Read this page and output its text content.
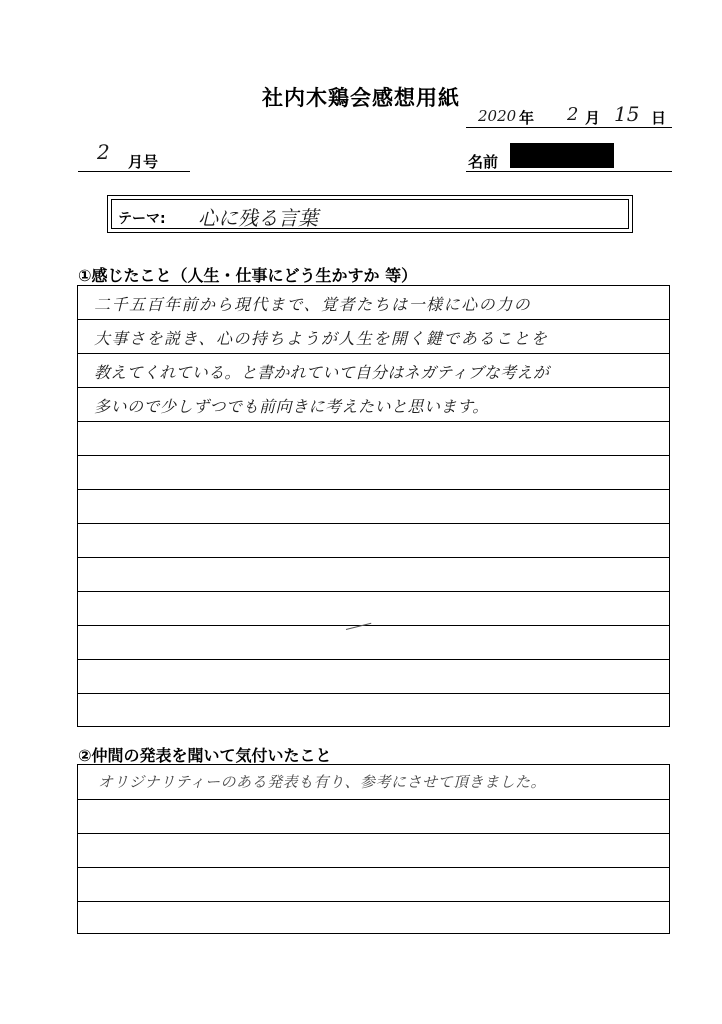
社内木鶏会感想用紙
2020 年 2 月 15 日
2 月号	名前
テーマ: 心に残る言葉
①感じたこと（人生・仕事にどう生かすか 等）
二千五百年前から現代まで、覚者たちは一様に心の力の
大事さを説き、心の持ちようが人生を開く鍵であることを
教えてくれている。と書かれていて自分はネガティブな考えが
多いので少しずつでも前向きに考えたいと思います。
②仲間の発表を聞いて気付いたこと
オリジナリティーのある発表も有り、参考にさせて頂きました。
